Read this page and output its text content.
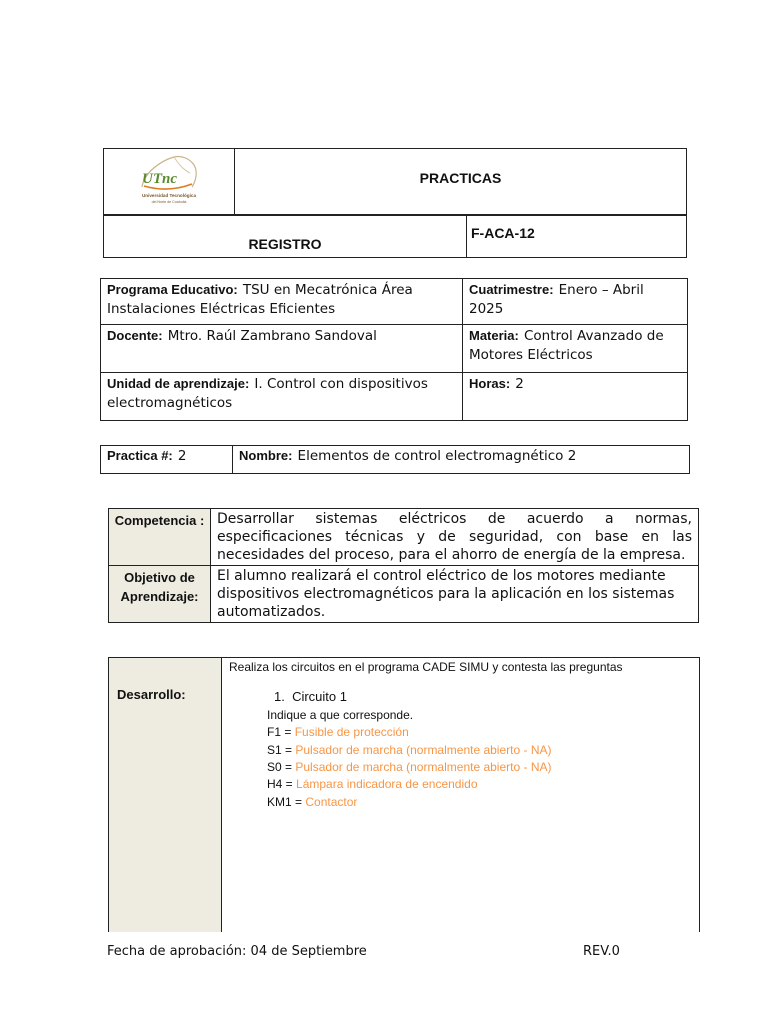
UTnc
Universidad Tecnológica
del Norte de Coahuila
	PRACTICAS
REGISTRO	F-ACA-12
Programa Educativo: TSU en Mecatrónica Área Instalaciones Eléctricas Eficientes	Cuatrimestre: Enero – Abril 2025
Docente: Mtro. Raúl Zambrano Sandoval	Materia: Control Avanzado de Motores Eléctricos
Unidad de aprendizaje: I. Control con dispositivos electromagnéticos	Horas: 2
Practica #: 2	Nombre: Elementos de control electromagnético 2
Competencia :	Desarrollar sistemas eléctricos de acuerdo a normas, especificaciones técnicas y de seguridad, con base en las necesidades del proceso, para el ahorro de energía de la empresa.
Objetivo de Aprendizaje:	El alumno realizará el control eléctrico de los motores mediante dispositivos electromagnéticos para la aplicación en los sistemas automatizados.
Desarrollo:
Realiza los circuitos en el programa CADE SIMU y contesta las preguntas
1. Circuito 1
Indique a que corresponde.
F1 = Fusible de protección
S1 = Pulsador de marcha (normalmente abierto - NA)
S0 = Pulsador de marcha (normalmente abierto - NA)
H4 = Lámpara indicadora de encendido
KM1 = Contactor
Fecha de aprobación: 04 de Septiembre	REV.0
